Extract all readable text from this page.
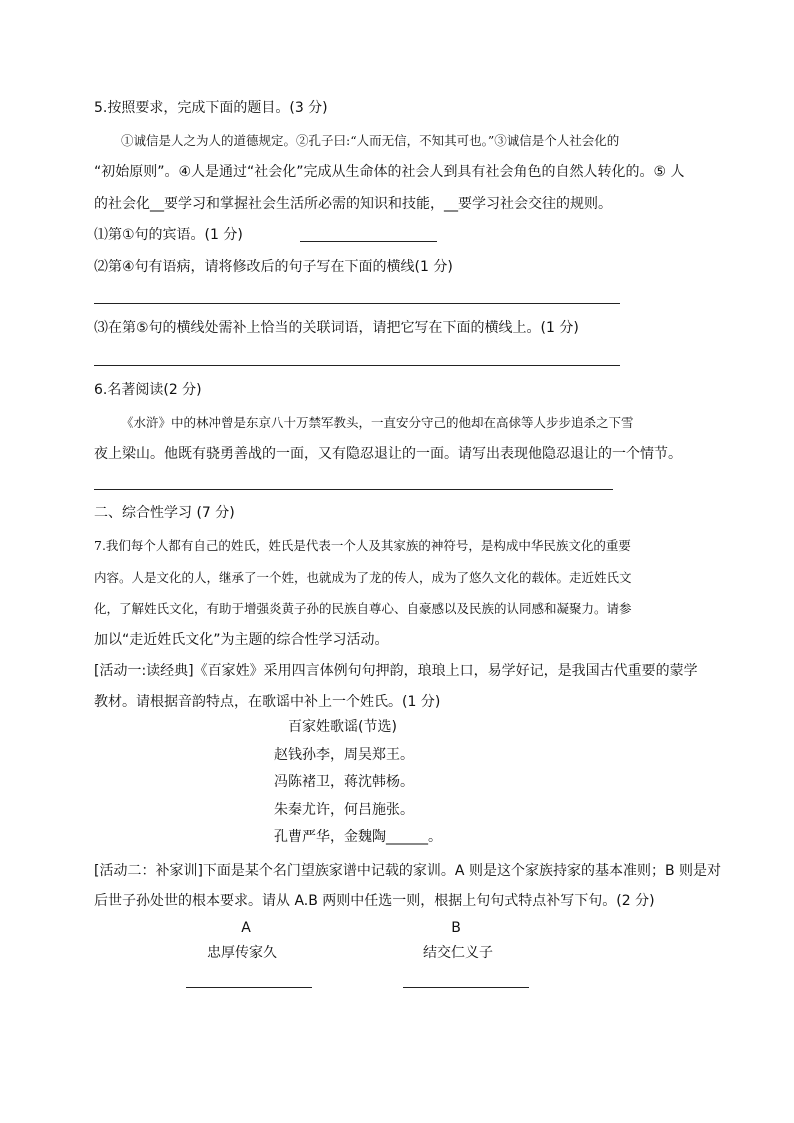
5.按照要求，完成下面的题目。(3 分)
①诚信是人之为人的道德规定。②孔子曰:“人而无信，不知其可也。”③诚信是个人社会化的
“初始原则”。④人是通过“社会化”完成从生命体的社会人到具有社会角色的自然人转化的。⑤ 人
的社会化__要学习和掌握社会生活所必需的知识和技能，__要学习社会交往的规则。
⑴第①句的宾语。(1 分)
⑵第④句有语病，请将修改后的句子写在下面的横线(1 分)
⑶在第⑤句的横线处需补上恰当的关联词语，请把它写在下面的横线上。(1 分)
6.名著阅读(2 分)
《水浒》中的林冲曾是东京八十万禁军教头，一直安分守己的他却在高俅等人步步追杀之下雪
夜上梁山。他既有骁勇善战的一面，又有隐忍退让的一面。请写出表现他隐忍退让的一个情节。
二、综合性学习 (7 分)
7.我们每个人都有自己的姓氏，姓氏是代表一个人及其家族的神符号，是构成中华民族文化的重要
内容。人是文化的人，继承了一个姓，也就成为了龙的传人，成为了悠久文化的载体。走近姓氏文
化，了解姓氏文化，有助于增强炎黄子孙的民族自尊心、自豪感以及民族的认同感和凝聚力。请参
加以“走近姓氏文化”为主题的综合性学习活动。
[活动一:读经典]《百家姓》采用四言体例句句押韵，琅琅上口，易学好记，是我国古代重要的蒙学
教材。请根据音韵特点，在歌谣中补上一个姓氏。(1 分)
百家姓歌谣(节选)
赵钱孙李，周吴郑王。
冯陈褚卫，蒋沈韩杨。
朱秦尤许，何吕施张。
孔曹严华，金魏陶______。
[活动二：补家训]下面是某个名门望族家谱中记载的家训。A 则是这个家族持家的基本准则；B 则是对
后世子孙处世的根本要求。请从 A.B 两则中任选一则，根据上句句式特点补写下句。(2 分)
A	B
忠厚传家久	结交仁义子
